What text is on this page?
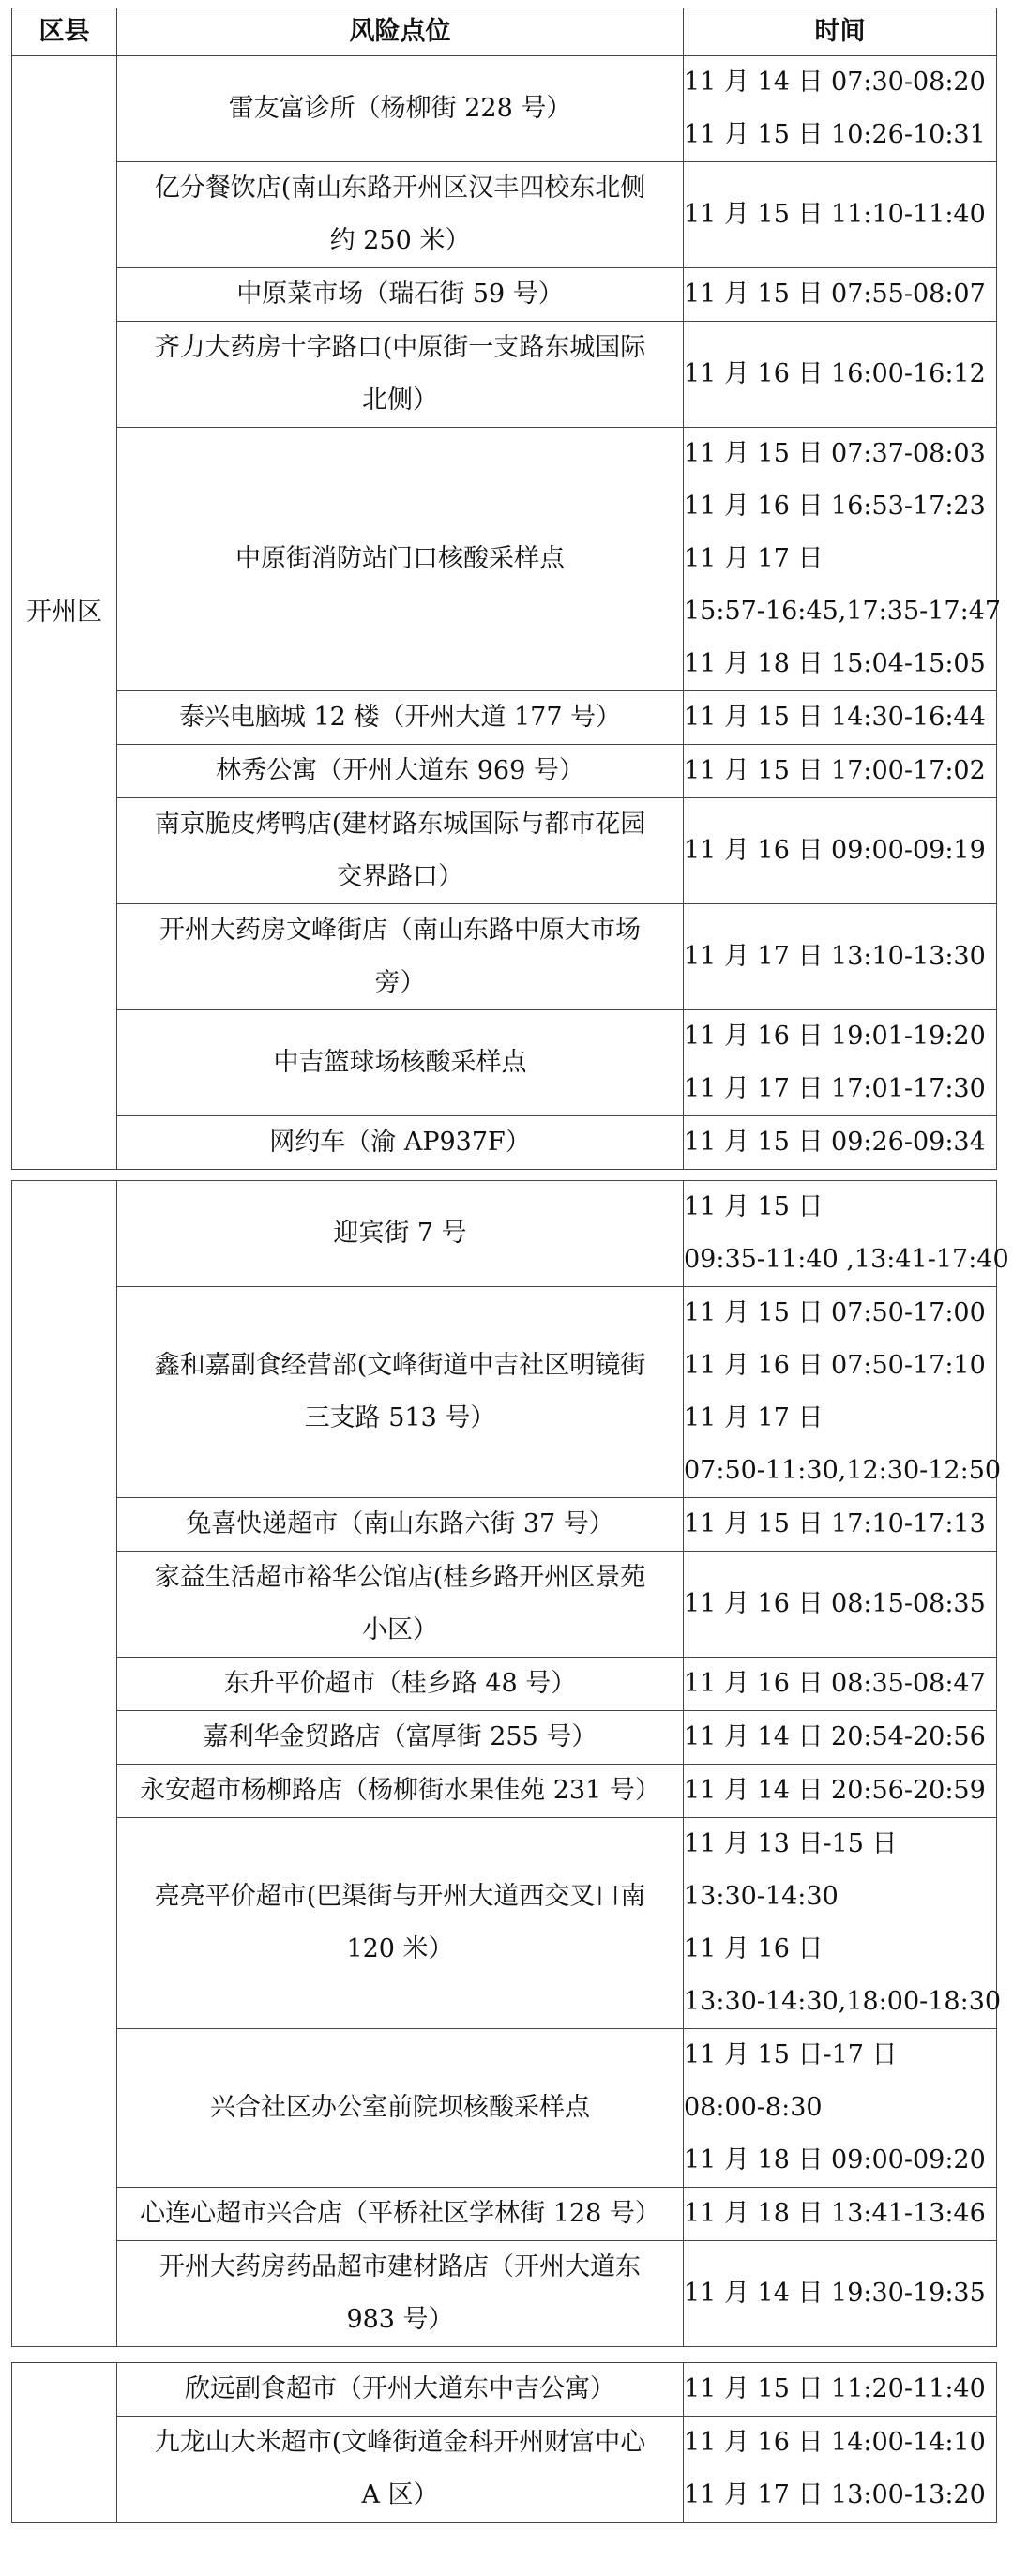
区县	风险点位	时间
开州区	雷友富诊所（杨柳街 228 号）	11 月 14 日 07:30-08:20
11 月 15 日 10:26-10:31

	亿分餐饮店(南山东路开州区汉丰四校东北侧
约 250 米）	11 月 15 日 11:10-11:40

	中原菜市场（瑞石街 59 号）	11 月 15 日 07:55-08:07

	齐力大药房十字路口(中原街一支路东城国际
北侧）	11 月 16 日 16:00-16:12

	中原街消防站门口核酸采样点	11 月 15 日 07:37-08:03
11 月 16 日 16:53-17:23
11 月 17 日
15:57-16:45,17:35-17:47
11 月 18 日 15:04-15:05

	泰兴电脑城 12 楼（开州大道 177 号）	11 月 15 日 14:30-16:44

	林秀公寓（开州大道东 969 号）	11 月 15 日 17:00-17:02

	南京脆皮烤鸭店(建材路东城国际与都市花园
交界路口）	11 月 16 日 09:00-09:19

	开州大药房文峰街店（南山东路中原大市场
旁）	11 月 17 日 13:10-13:30

	中吉篮球场核酸采样点	11 月 16 日 19:01-19:20
11 月 17 日 17:01-17:30

	网约车（渝 AP937F）	11 月 15 日 09:26-09:34

	迎宾街 7 号	11 月 15 日
09:35-11:40 ,13:41-17:40

	鑫和嘉副食经营部(文峰街道中吉社区明镜街
三支路 513 号）	11 月 15 日 07:50-17:00
11 月 16 日 07:50-17:10
11 月 17 日
07:50-11:30,12:30-12:50

	兔喜快递超市（南山东路六街 37 号）	11 月 15 日 17:10-17:13

	家益生活超市裕华公馆店(桂乡路开州区景苑
小区）	11 月 16 日 08:15-08:35

	东升平价超市（桂乡路 48 号）	11 月 16 日 08:35-08:47

	嘉利华金贸路店（富厚街 255 号）	11 月 14 日 20:54-20:56

	永安超市杨柳路店（杨柳街水果佳苑 231 号）	11 月 14 日 20:56-20:59

	亮亮平价超市(巴渠街与开州大道西交叉口南
120 米）	11 月 13 日-15 日
13:30-14:30
11 月 16 日
13:30-14:30,18:00-18:30

	兴合社区办公室前院坝核酸采样点	11 月 15 日-17 日
08:00-8:30
11 月 18 日 09:00-09:20

	心连心超市兴合店（平桥社区学林街 128 号）	11 月 18 日 13:41-13:46

	开州大药房药品超市建材路店（开州大道东
983 号）	11 月 14 日 19:30-19:35

	欣远副食超市（开州大道东中吉公寓）	11 月 15 日 11:20-11:40

	九龙山大米超市(文峰街道金科开州财富中心
A 区）	11 月 16 日 14:00-14:10
11 月 17 日 13:00-13:20
